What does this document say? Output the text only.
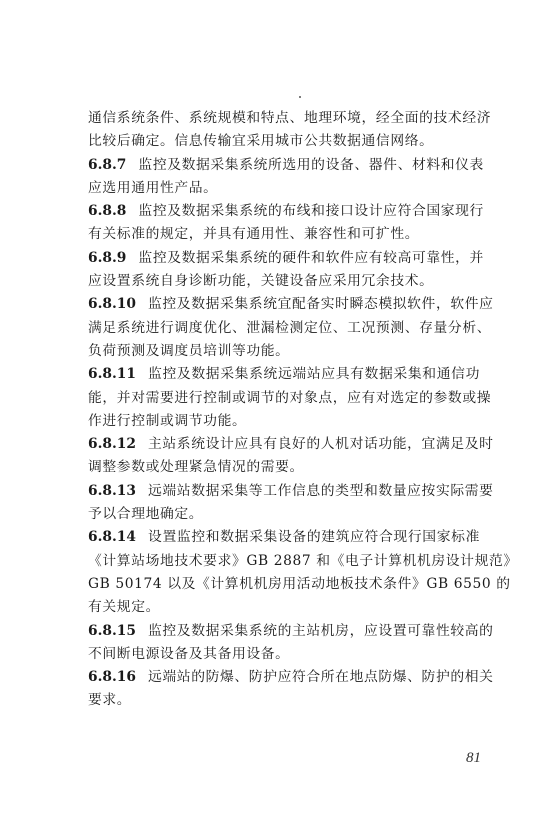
通信系统条件、系统规模和特点、地理环境，经全面的技术经济
比较后确定。信息传输宜采用城市公共数据通信网络。
6.8.7 监控及数据采集系统所选用的设备、器件、材料和仪表
应选用通用性产品。
6.8.8 监控及数据采集系统的布线和接口设计应符合国家现行
有关标准的规定，并具有通用性、兼容性和可扩性。
6.8.9 监控及数据采集系统的硬件和软件应有较高可靠性，并
应设置系统自身诊断功能，关键设备应采用冗余技术。
6.8.10 监控及数据采集系统宜配备实时瞬态模拟软件，软件应
满足系统进行调度优化、泄漏检测定位、工况预测、存量分析、
负荷预测及调度员培训等功能。
6.8.11 监控及数据采集系统远端站应具有数据采集和通信功
能，并对需要进行控制或调节的对象点，应有对选定的参数或操
作进行控制或调节功能。
6.8.12 主站系统设计应具有良好的人机对话功能，宜满足及时
调整参数或处理紧急情况的需要。
6.8.13 远端站数据采集等工作信息的类型和数量应按实际需要
予以合理地确定。
6.8.14 设置监控和数据采集设备的建筑应符合现行国家标准
《计算站场地技术要求》GB 2887 和《电子计算机机房设计规范》
GB 50174 以及《计算机机房用活动地板技术条件》GB 6550 的
有关规定。
6.8.15 监控及数据采集系统的主站机房，应设置可靠性较高的
不间断电源设备及其备用设备。
6.8.16 远端站的防爆、防护应符合所在地点防爆、防护的相关
要求。
81
